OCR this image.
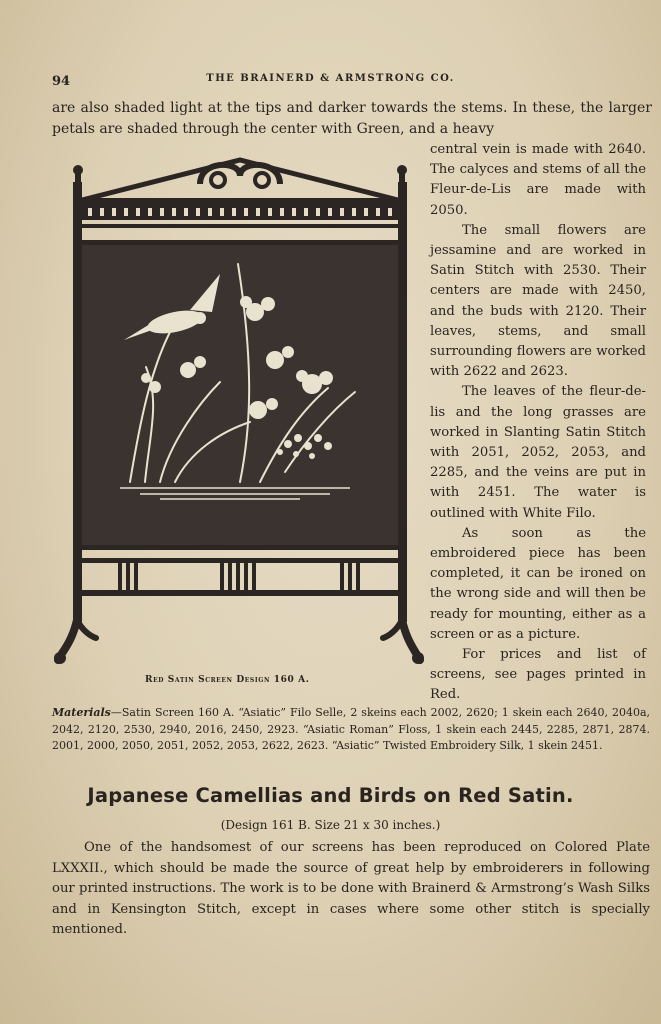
94	THE BRAINERD & ARMSTRONG CO.

are also shaded light at the tips and darker towards the stems. In these, the larger petals are shaded through the center with Green, and a heavy

Red Satin Screen Design 160 A.

central vein is made with 2640. The calyces and stems of all the Fleur-de-Lis are made with 2050.

The small flowers are jessamine and are worked in Satin Stitch with 2530. Their centers are made with 2450, and the buds with 2120. Their leaves, stems, and small surrounding flowers are worked with 2622 and 2623.

The leaves of the fleur-de-lis and the long grasses are worked in Slanting Satin Stitch with 2051, 2052, 2053, and 2285, and the veins are put in with 2451. The water is outlined with White Filo.

As soon as the embroidered piece has been completed, it can be ironed on the wrong side and will then be ready for mounting, either as a screen or as a picture.

For prices and list of screens, see pages printed in Red.

Materials—Satin Screen 160 A. “Asiatic” Filo Selle, 2 skeins each 2002, 2620; 1 skein each 2640, 2040a, 2042, 2120, 2530, 2940, 2016, 2450, 2923. “Asiatic Roman” Floss, 1 skein each 2445, 2285, 2871, 2874. 2001, 2000, 2050, 2051, 2052, 2053, 2622, 2623. “Asiatic” Twisted Embroidery Silk, 1 skein 2451.

Japanese Camellias and Birds on Red Satin.
(Design 161 B. Size 21 x 30 inches.)

One of the handsomest of our screens has been reproduced on Colored Plate LXXXII., which should be made the source of great help by embroiderers in following our printed instructions. The work is to be done with Brainerd & Armstrong’s Wash Silks and in Kensington Stitch, except in cases where some other stitch is specially mentioned.
